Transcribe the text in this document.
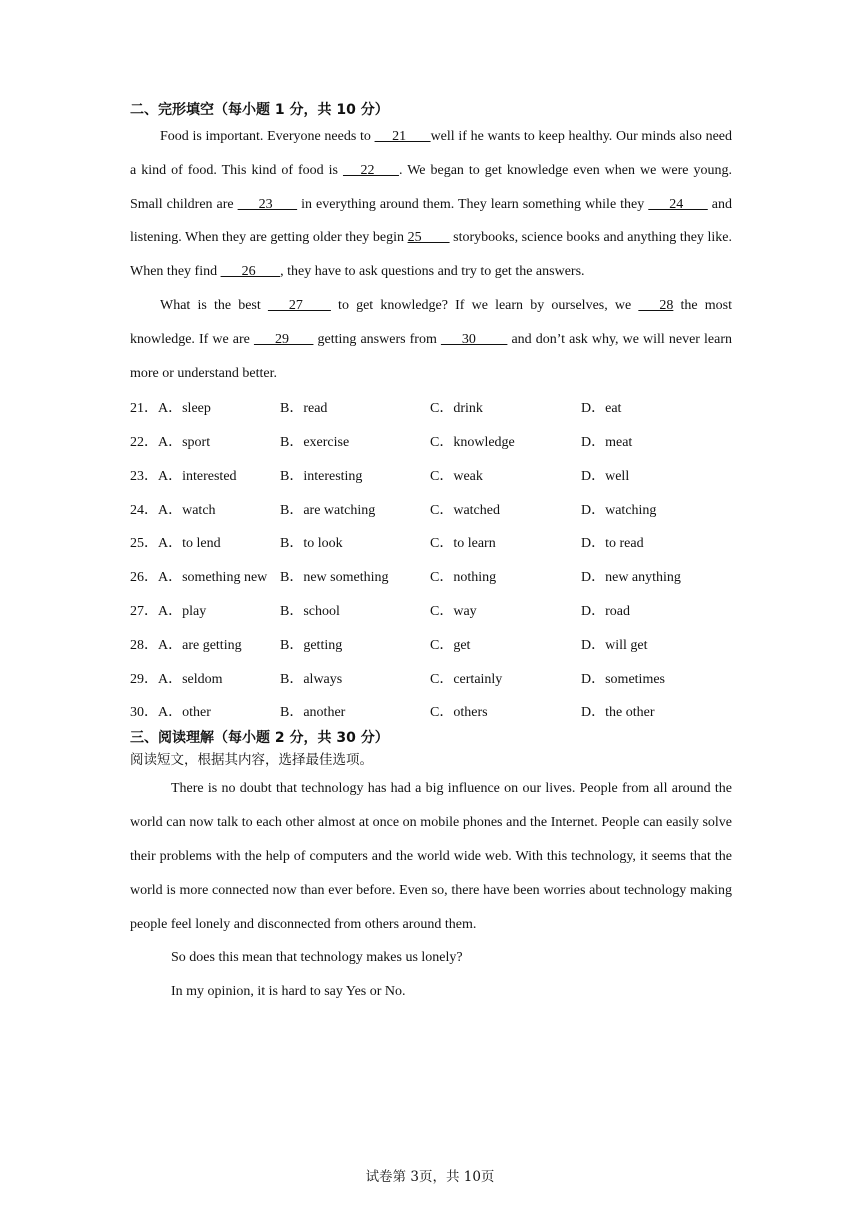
二、完形填空（每小题 1 分，共 10 分）

Food is important. Everyone needs to      21       well if he wants to keep healthy. Our minds also need a kind of food. This kind of food is      22       . We began to get knowledge even when we were young. Small children are       23        in everything around them. They learn something while they       24        and listening. When they are getting older they begin 25         storybooks, science books and anything they like. When they find       26       , they have to ask questions and try to get the answers.

What is the best       27         to get knowledge? If we learn by ourselves, we       28 the most knowledge. If we are       29        getting answers from       30          and don’t ask why, we will never learn more or understand better.

21．A．sleep	B．read	C．drink	D．eat
22．A．sport	B．exercise	C．knowledge	D．meat
23．A．interested	B．interesting	C．weak	D．well
24．A．watch	B．are watching	C．watched	D．watching
25．A．to lend	B．to look	C．to learn	D．to read
26．A．something new	B．new something	C．nothing	D．new anything
27．A．play	B．school	C．way	D．road
28．A．are getting	B．getting	C．get	D．will get
29．A．seldom	B．always	C．certainly	D．sometimes
30．A．other	B．another	C．others	D．the other
三、阅读理解（每小题 2 分，共 30 分）
阅读短文，根据其内容，选择最佳选项。

There is no doubt that technology has had a big influence on our lives. People from all around the world can now talk to each other almost at once on mobile phones and the Internet. People can easily solve their problems with the help of computers and the world wide web. With this technology, it seems that the world is more connected now than ever before. Even so, there have been worries about technology making people feel lonely and disconnected from others around them.

So does this mean that technology makes us lonely?
In my opinion, it is hard to say Yes or No.
试卷第 3页，共 10页
